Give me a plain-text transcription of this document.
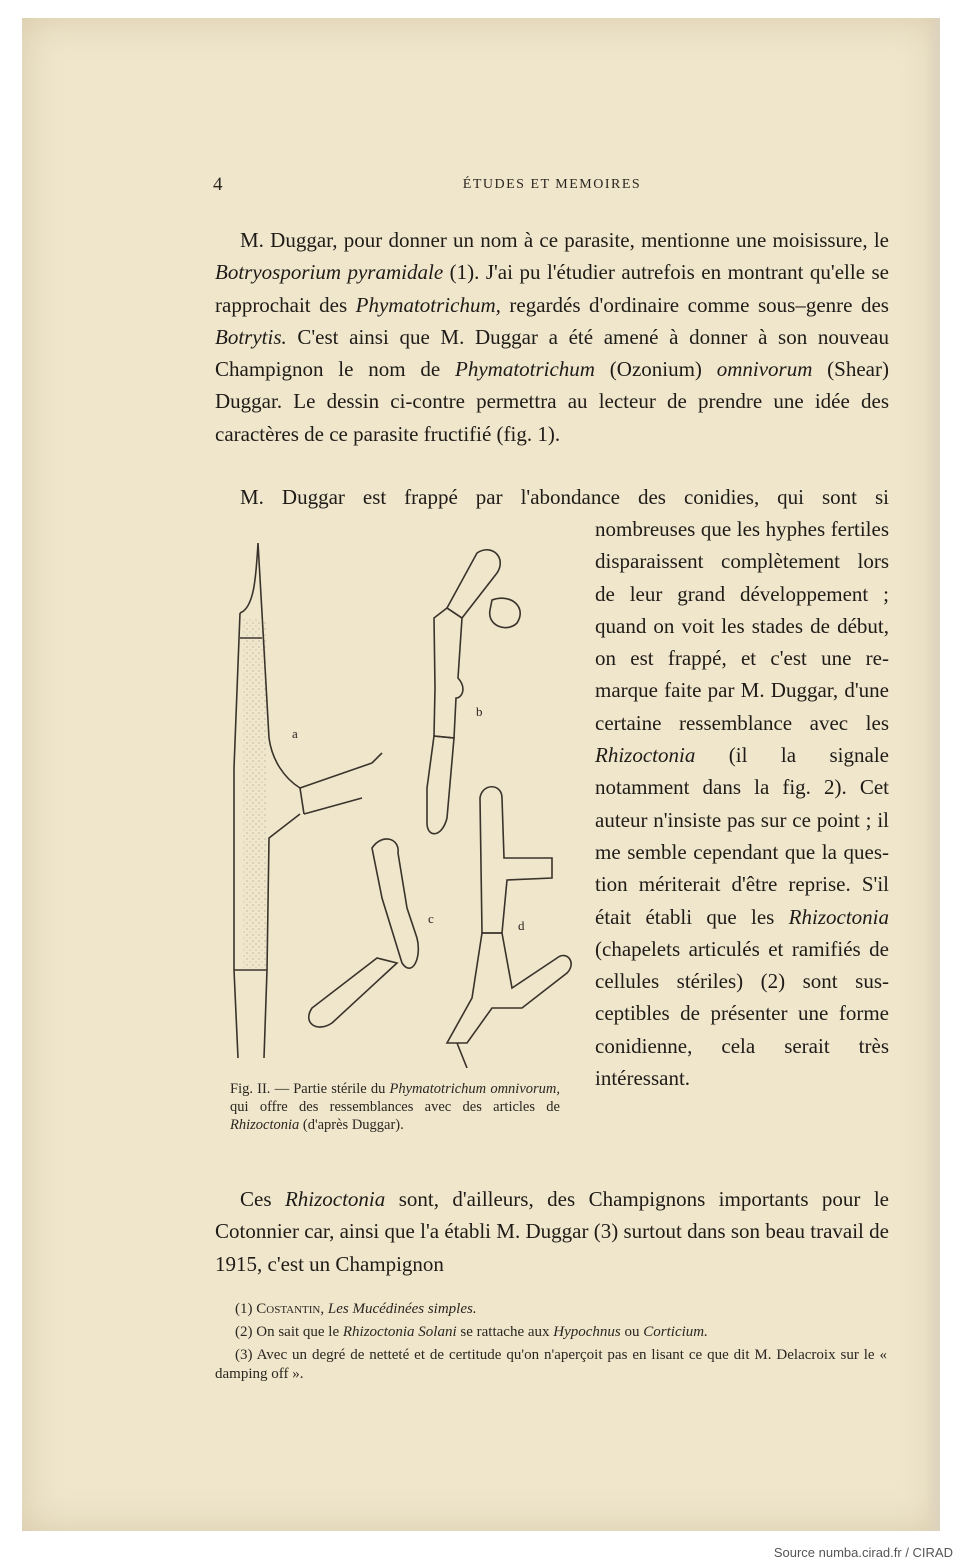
4	ÉTUDES ET MEMOIRES
M. Duggar, pour donner un nom à ce parasite, mentionne une moisissure, le Botryosporium pyramidale (1). J'ai pu l'étudier autrefois en montrant qu'elle se rapprochait des Phymatotrichum, regardés d'ordinaire comme sous–genre des Botrytis. C'est ainsi que M. Duggar a été amené à donner à son nouveau Champignon le nom de Phymatotrichum (Ozonium) omnivorum (Shear) Duggar. Le dessin ci-contre permettra au lecteur de prendre une idée des caractères de ce parasite fructifié (fig. 1).
M. Duggar est frappé par l'abondance des conidies, qui sont si
nombreuses que les hyphes fertiles disparaissent complètement lors de leur grand développement ; quand on voit les stades de début, on est frappé, et c'est une remarque faite par M. Duggar, d'une certaine ressemblance avec les Rhizoctonia (il la signale notamment dans la fig. 2). Cet auteur n'insiste pas sur ce point ; il me semble cependant que la question mériterait d'être reprise. S'il était établi que les Rhizoctonia (chapelets articulés et ramifiés de cellules stériles) (2) sont susceptibles de présenter une forme conidienne, cela serait très intéressant.
b
a
c	d
Fig. II. — Partie stérile du Phymatotrichum omnivorum, qui offre des ressemblances avec des articles de Rhizoctonia (d'après Duggar).
Ces Rhizoctonia sont, d'ailleurs, des Champignons importants pour le Cotonnier car, ainsi que l'a établi M. Duggar (3) surtout dans son beau travail de 1915, c'est un Champignon
(1) Costantin, Les Mucédinées simples.
(2) On sait que le Rhizoctonia Solani se rattache aux Hypochnus ou Corticium.
(3) Avec un degré de netteté et de certitude qu'on n'aperçoit pas en lisant ce que dit M. Delacroix sur le « damping off ».
Source numba.cirad.fr / CIRAD
